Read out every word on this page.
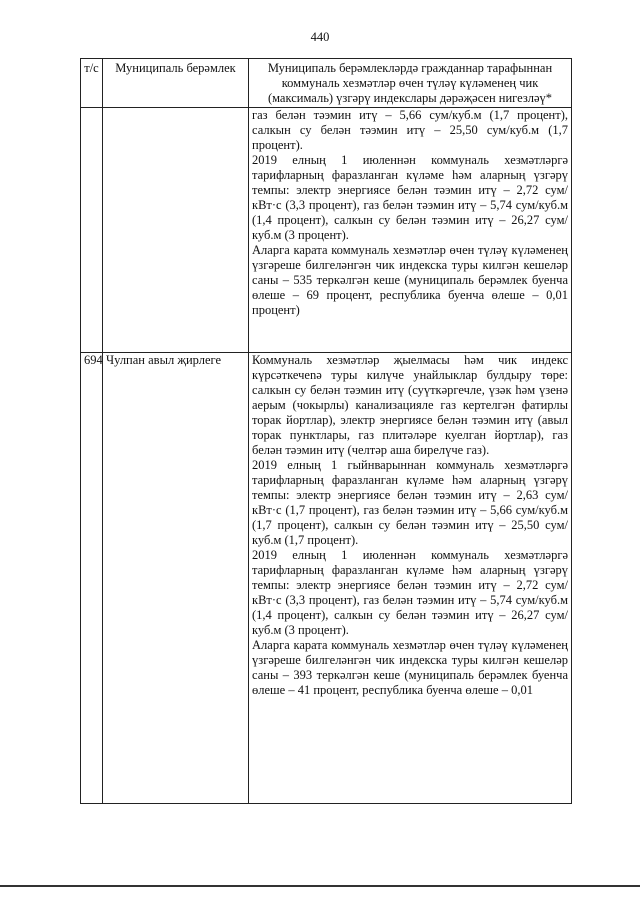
440
т/с	Муниципаль берәмлек	Муниципаль берәмлекләрдә гражданнар тарафыннан коммуналь хезмәтләр өчен түләү күләменең чик (максималь) үзгәрү индекслары дәрәҗәсен нигезләү*

		газ белән тәэмин итү – 5,66 сум/куб.м (1,7 процент), салкын су белән тәэмин итү – 25,50 сум/куб.м (1,7 процент).

2019 елның 1 июленнән коммуналь хезмәтләргә тарифларның фаразланган күләме һәм аларның үзгәрү темпы: электр энергиясе белән тәэмин итү – 2,72 сум/кВт·с (3,3 процент), газ белән тәэмин итү – 5,74 сум/куб.м (1,4 процент), салкын су белән тәэмин итү – 26,27 сум/куб.м (3 процент).

Аларга карата коммуналь хезмәтләр өчен түләү күләменең үзгәреше билгеләнгән чик индекска туры килгән кешеләр саны – 535 теркәлгән кеше (муниципаль берәмлек буенча өлеше – 69 процент, республика буенча өлеше – 0,01 процент)

694	Чулпан авыл җирлеге	Коммуналь хезмәтләр җыелмасы һәм чик индекс күрсәткечenә туры килүче унайлыклар булдыру төре: салкын су белән тәэмин итү (суүткәргечле, үзәк һәм үзенә аерым (чокырлы) канализацияле газ кертелгән фатирлы торак йортлар), электр энергиясе белән тәэмин итү (авыл торак пунктлары, газ плитәләре куелган йортлар), газ белән тәэмин итү (челтәр аша бирелүче газ).

2019 елның 1 гыйнварыннан коммуналь хезмәтләргә тарифларның фаразланган күләме һәм аларның үзгәрү темпы: электр энергиясе белән тәэмин итү – 2,63 сум/кВт·с (1,7 процент), газ белән тәэмин итү – 5,66 сум/куб.м (1,7 процент), салкын су белән тәэмин итү – 25,50 сум/куб.м (1,7 процент).

2019 елның 1 июленнән коммуналь хезмәтләргә тарифларның фаразланган күләме һәм аларның үзгәрү темпы: электр энергиясе белән тәэмин итү – 2,72 сум/кВт·с (3,3 процент), газ белән тәэмин итү – 5,74 сум/куб.м (1,4 процент), салкын су белән тәэмин итү – 26,27 сум/куб.м (3 процент).

Аларга карата коммуналь хезмәтләр өчен түләү күләменең үзгәреше билгеләнгән чик индекска туры килгән кешеләр саны – 393 теркәлгән кеше (муниципаль берәмлек буенча өлеше – 41 процент, республика буенча өлеше – 0,01
